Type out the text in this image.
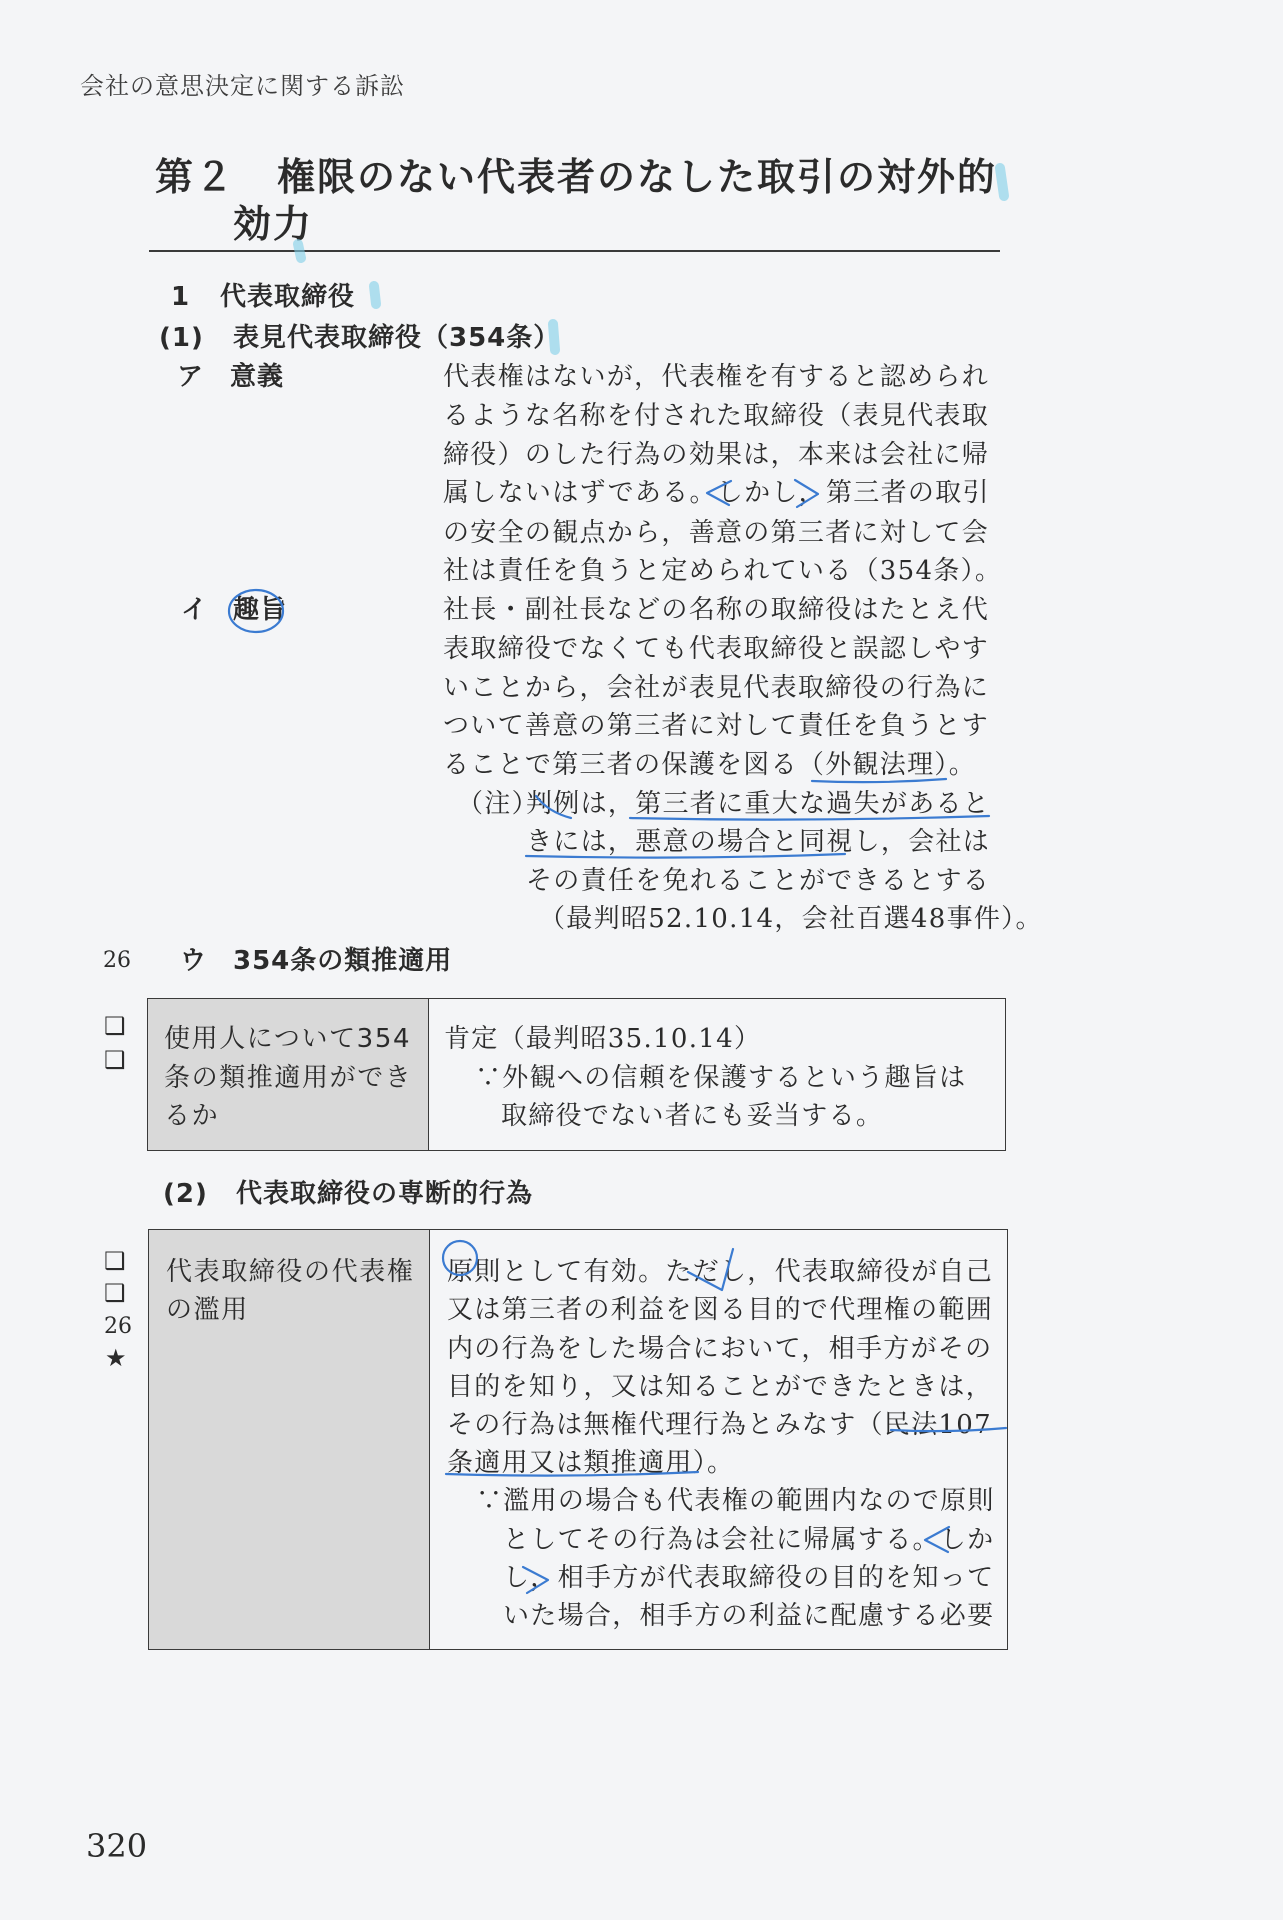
会社の意思決定に関する訴訟
第２ 権限のない代表者のなした取引の対外的
効力
1 代表取締役
(1) 表見代表取締役（354条）
ア 意義	代表権はないが，代表権を有すると認められ
るような名称を付された取締役（表見代表取
締役）のした行為の効果は，本来は会社に帰
属しないはずである。しかし，第三者の取引
の安全の観点から，善意の第三者に対して会
社は責任を負うと定められている（354条）。
イ 趣旨	社長・副社長などの名称の取締役はたとえ代
表取締役でなくても代表取締役と誤認しやす
いことから，会社が表見代表取締役の行為に
ついて善意の第三者に対して責任を負うとす
ることで第三者の保護を図る（外観法理）。
（注）
判例は，第三者に重大な過失があると
きには，悪意の場合と同視し，会社は
その責任を免れることができるとする
（最判昭52.10.14，会社百選48事件）。
26 ウ 354条の類推適用
❑
❑
使用人について354
条の類推適用ができ
るか
肯定（最判昭35.10.14）
∵外観への信頼を保護するという趣旨は
取締役でない者にも妥当する。
(2) 代表取締役の専断的行為
❑
❑
26
★
代表取締役の代表権
の濫用
原則として有効。ただし，代表取締役が自己
又は第三者の利益を図る目的で代理権の範囲
内の行為をした場合において，相手方がその
目的を知り，又は知ることができたときは，
その行為は無権代理行為とみなす（民法107
条適用又は類推適用）。
∵濫用の場合も代表権の範囲内なので原則
としてその行為は会社に帰属する。しか
し，相手方が代表取締役の目的を知って
いた場合，相手方の利益に配慮する必要
320
